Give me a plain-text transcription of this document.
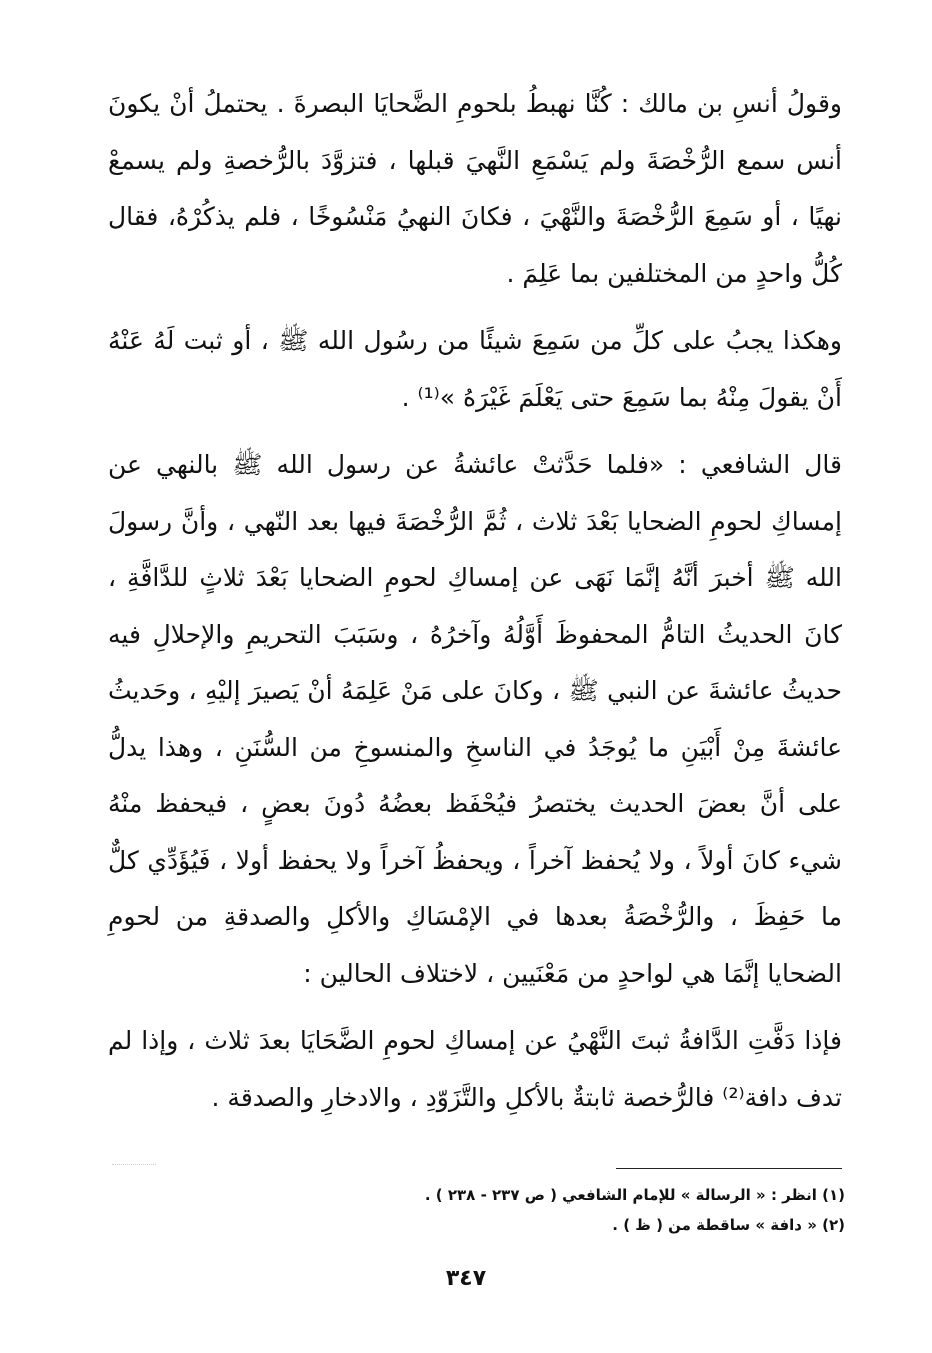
وقولُ أنسِ بن مالك : كُنَّا نهبطُ بلحومِ الضَّحايَا البصرةَ . يحتملُ أنْ يكونَ أنس سمع الرُّخْصَةَ ولم يَسْمَعِ النَّهيَ قبلها ، فتزوَّدَ بالرُّخصةِ ولم يسمعْ نهيًا ، أو سَمِعَ الرُّخْصَةَ والنَّهْيَ ، فكانَ النهيُ مَنْسُوخًا ، فلم يذكُرْهُ، فقال كُلُّ واحدٍ من المختلفين بما عَلِمَ .

وهكذا يجبُ على كلِّ من سَمِعَ شيئًا من رسُول الله ﷺ ، أو ثبت لَهُ عَنْهُ أَنْ يقولَ مِنْهُ بما سَمِعَ حتى يَعْلَمَ غَيْرَهُ »⁽¹⁾ .

قال الشافعي : «فلما حَدَّثتْ عائشةُ عن رسول الله ﷺ بالنهي عن إمساكِ لحومِ الضحايا بَعْدَ ثلاث ، ثُمَّ الرُّخْصَةَ فيها بعد النّهي ، وأنَّ رسولَ الله ﷺ أخبرَ أنَّهُ إنَّمَا نَهَى عن إمساكِ لحومِ الضحايا بَعْدَ ثلاثٍ للدَّافَّةِ ، كانَ الحديثُ التامُّ المحفوظَ أَوَّلُهُ وآخرُهُ ، وسَبَبَ التحريمِ والإحلالِ فيه حديثُ عائشةَ عن النبي ﷺ ، وكانَ على مَنْ عَلِمَهُ أنْ يَصيرَ إليْهِ ، وحَديثُ عائشةَ مِنْ أَبْيَنِ ما يُوجَدُ في الناسخِ والمنسوخِ من السُّنَنِ ، وهذا يدلُّ على أنَّ بعضَ الحديث يختصرُ فيُحْفَظ بعضُهُ دُونَ بعضٍ ، فيحفظ منْهُ شيء كانَ أولاً ، ولا يُحفظ آخراً ، ويحفظُ آخراً ولا يحفظ أولا ، فَيُؤَدِّي كلٌّ ما حَفِظَ ، والرُّخْصَةُ بعدها في الإمْسَاكِ والأكلِ والصدقةِ من لحومِ الضحايا إنَّمَا هي لواحدٍ من مَعْنَيين ، لاختلاف الحالين :

فإذا دَفَّتِ الدَّافةُ ثبتَ النَّهْيُ عن إمساكِ لحومِ الضَّحَايَا بعدَ ثلاث ، وإذا لم تدف دافة⁽²⁾ فالرُّخصة ثابتةٌ بالأكلِ والتَّزَوّدِ ، والادخارِ والصدقة .

(١) انظر : « الرسالة » للإمام الشافعي ( ص ٢٣٧ - ٢٣٨ ) .

(٢) « دافة » ساقطة من ( ظ ) .

٣٤٧
